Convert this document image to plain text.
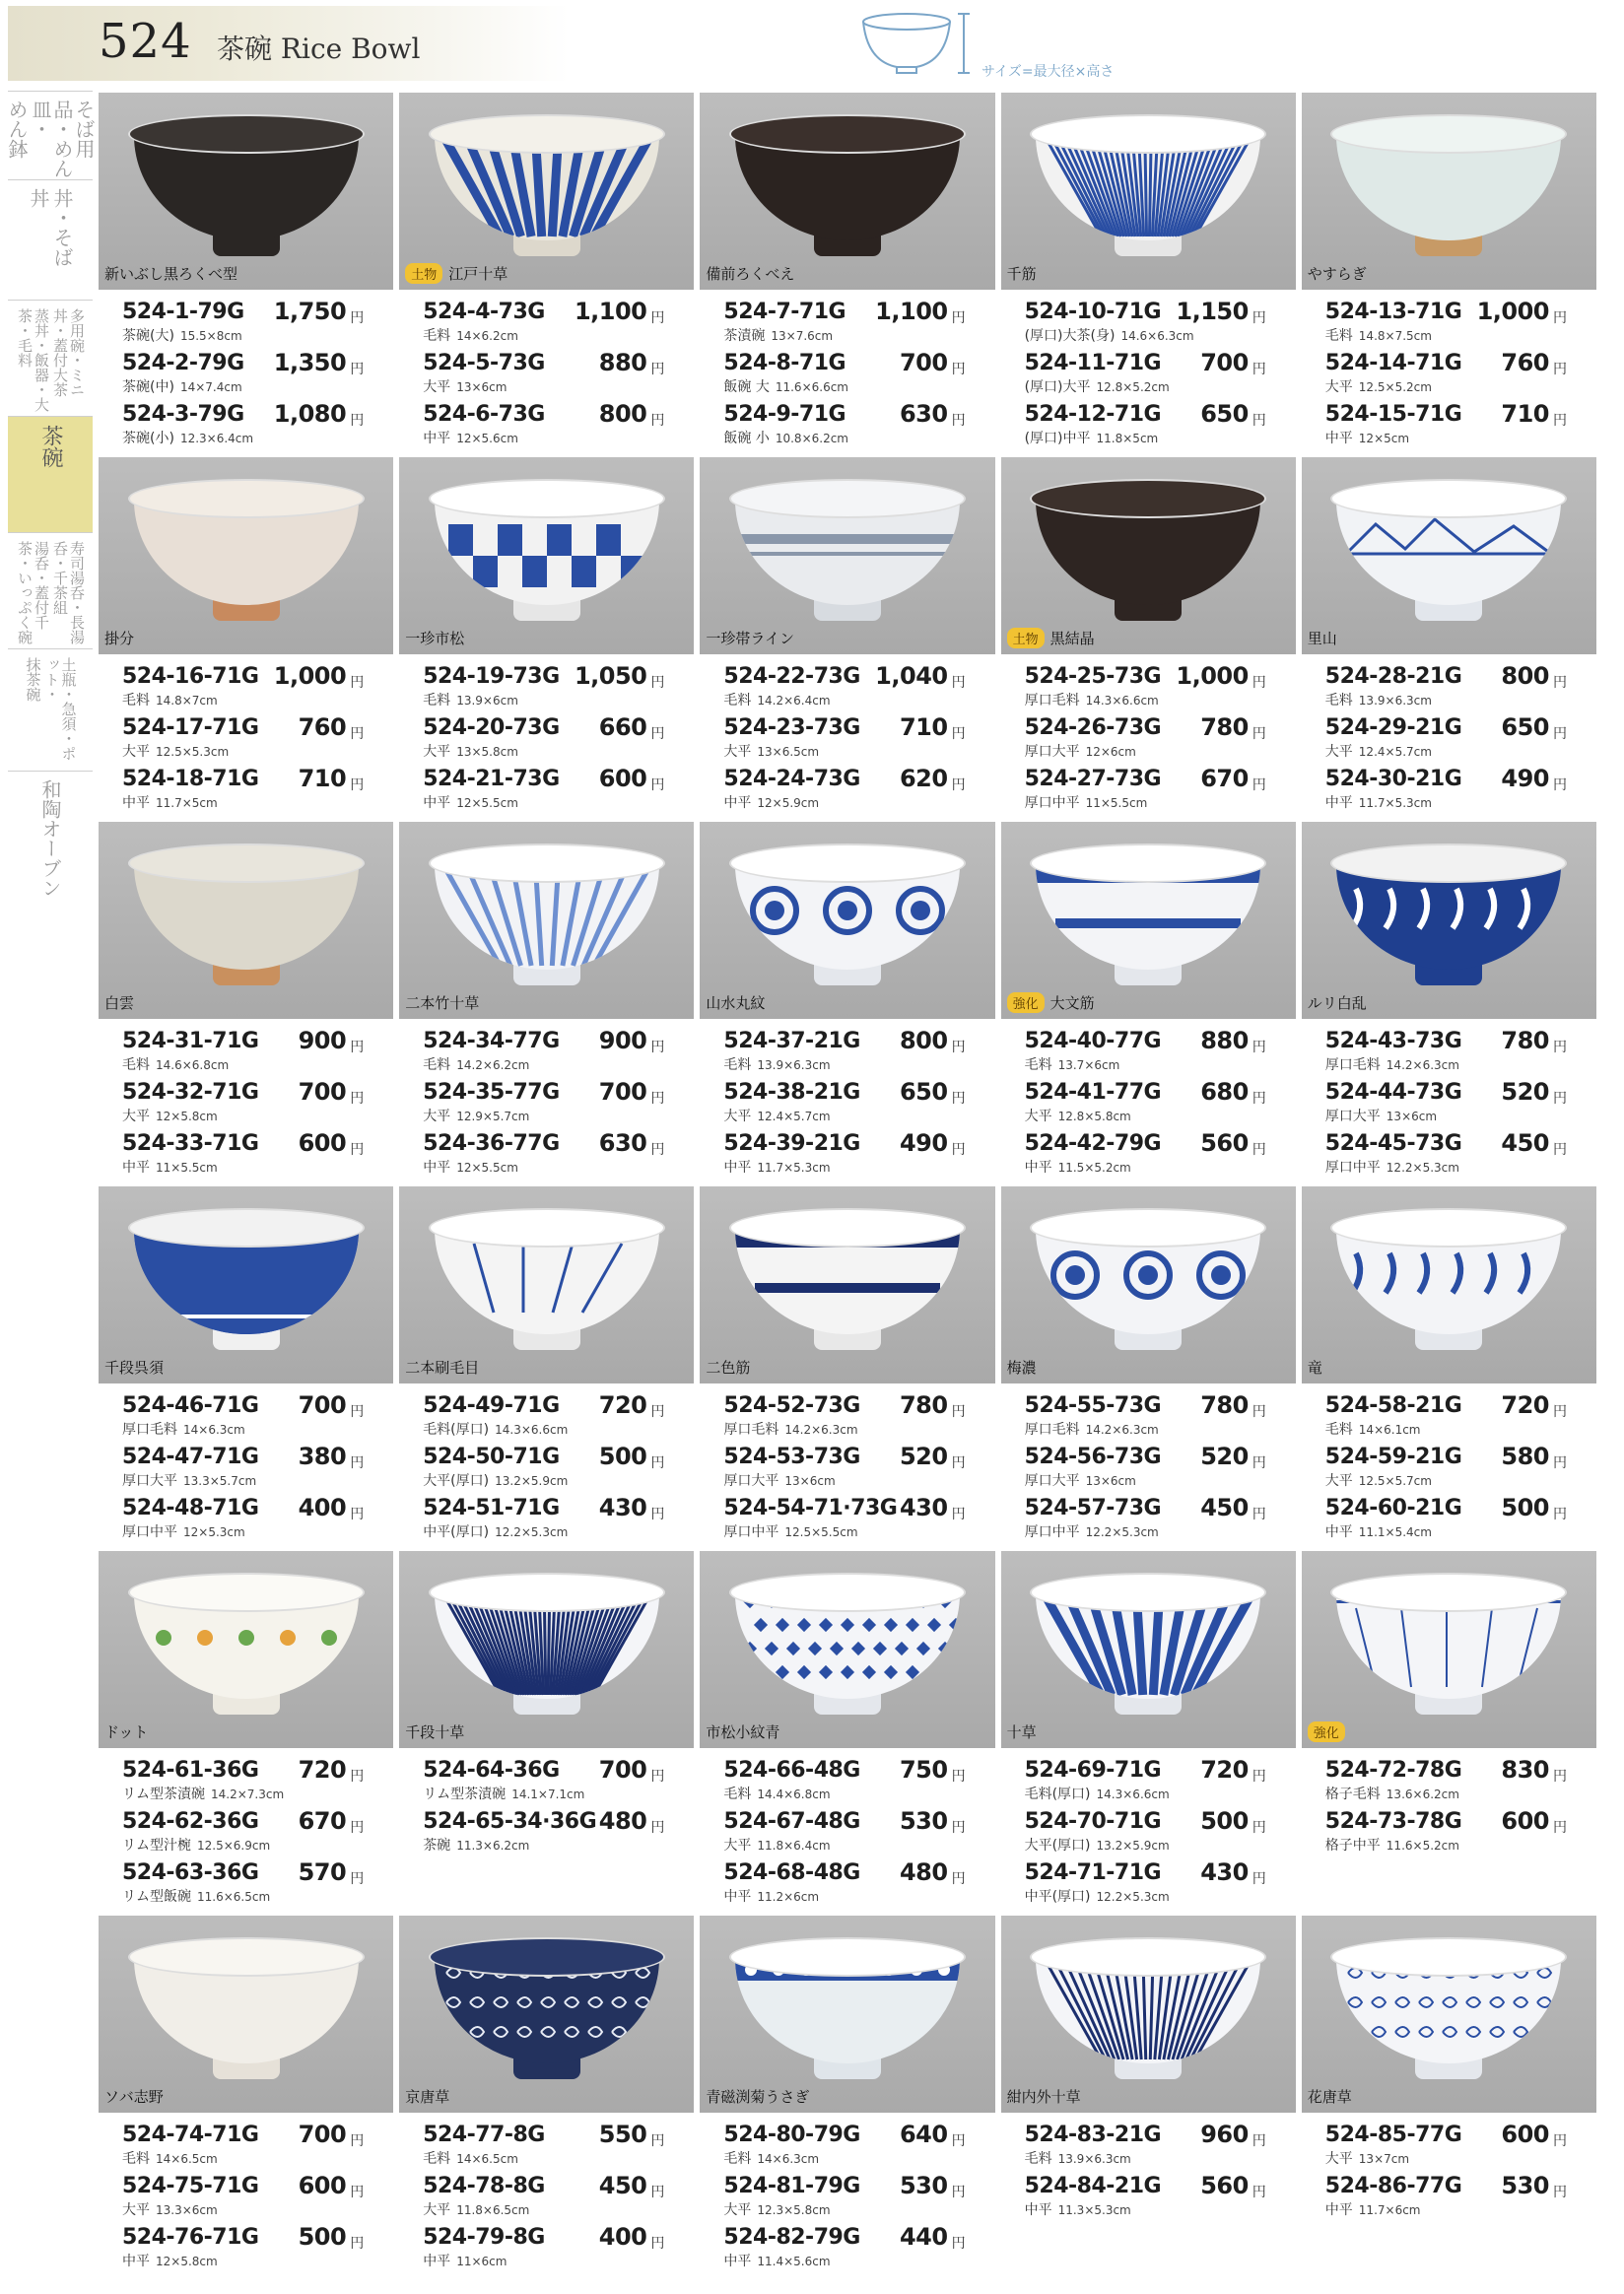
524 茶碗 Rice Bowl
サイズ=最大径×高さ
そば用品・めん皿・
めん鉢
丼・そば
丼
多用碗・ミニ丼・蓋付大茶
蒸丼・飯器・大茶・毛料
茶碗
寿司湯呑・長湯呑・千茶組
湯呑・蓋付千茶・いっぷく碗
土瓶・急須・ポット・
抹茶碗
和陶オーブン
新いぶし黒ろくべ型
524-1-79G 1,750 円
茶碗(大) 15.5×8cm
524-2-79G 1,350 円
茶碗(中) 14×7.4cm
524-3-79G 1,080 円
茶碗(小) 12.3×6.4cm
土物 江戸十草
524-4-73G 1,100 円
毛料 14×6.2cm
524-5-73G 880 円
大平 13×6cm
524-6-73G 800 円
中平 12×5.6cm
備前ろくべえ
524-7-71G 1,100 円
茶漬碗 13×7.6cm
524-8-71G 700 円
飯碗 大 11.6×6.6cm
524-9-71G 630 円
飯碗 小 10.8×6.2cm
千筋
524-10-71G 1,150 円
(厚口)大茶(身) 14.6×6.3cm
524-11-71G 700 円
(厚口)大平 12.8×5.2cm
524-12-71G 650 円
(厚口)中平 11.8×5cm
やすらぎ
524-13-71G 1,000 円
毛料 14.8×7.5cm
524-14-71G 760 円
大平 12.5×5.2cm
524-15-71G 710 円
中平 12×5cm
掛分
524-16-71G 1,000 円
毛料 14.8×7cm
524-17-71G 760 円
大平 12.5×5.3cm
524-18-71G 710 円
中平 11.7×5cm
一珍市松
524-19-73G 1,050 円
毛料 13.9×6cm
524-20-73G 660 円
大平 13×5.8cm
524-21-73G 600 円
中平 12×5.5cm
一珍帯ライン
524-22-73G 1,040 円
毛料 14.2×6.4cm
524-23-73G 710 円
大平 13×6.5cm
524-24-73G 620 円
中平 12×5.9cm
土物 黒結晶
524-25-73G 1,000 円
厚口毛料 14.3×6.6cm
524-26-73G 780 円
厚口大平 12×6cm
524-27-73G 670 円
厚口中平 11×5.5cm
里山
524-28-21G 800 円
毛料 13.9×6.3cm
524-29-21G 650 円
大平 12.4×5.7cm
524-30-21G 490 円
中平 11.7×5.3cm
白雲
524-31-71G 900 円
毛料 14.6×6.8cm
524-32-71G 700 円
大平 12×5.8cm
524-33-71G 600 円
中平 11×5.5cm
二本竹十草
524-34-77G 900 円
毛料 14.2×6.2cm
524-35-77G 700 円
大平 12.9×5.7cm
524-36-77G 630 円
中平 12×5.5cm
山水丸紋
524-37-21G 800 円
毛料 13.9×6.3cm
524-38-21G 650 円
大平 12.4×5.7cm
524-39-21G 490 円
中平 11.7×5.3cm
強化 大文筋
524-40-77G 880 円
毛料 13.7×6cm
524-41-77G 680 円
大平 12.8×5.8cm
524-42-79G 560 円
中平 11.5×5.2cm
ルリ白乱
524-43-73G 780 円
厚口毛料 14.2×6.3cm
524-44-73G 520 円
厚口大平 13×6cm
524-45-73G 450 円
厚口中平 12.2×5.3cm
千段呉須
524-46-71G 700 円
厚口毛料 14×6.3cm
524-47-71G 380 円
厚口大平 13.3×5.7cm
524-48-71G 400 円
厚口中平 12×5.3cm
二本刷毛目
524-49-71G 720 円
毛料(厚口) 14.3×6.6cm
524-50-71G 500 円
大平(厚口) 13.2×5.9cm
524-51-71G 430 円
中平(厚口) 12.2×5.3cm
二色筋
524-52-73G 780 円
厚口毛料 14.2×6.3cm
524-53-73G 520 円
厚口大平 13×6cm
524-54-71·73G 430 円
厚口中平 12.5×5.5cm
梅濃
524-55-73G 780 円
厚口毛料 14.2×6.3cm
524-56-73G 520 円
厚口大平 13×6cm
524-57-73G 450 円
厚口中平 12.2×5.3cm
竜
524-58-21G 720 円
毛料 14×6.1cm
524-59-21G 580 円
大平 12.5×5.7cm
524-60-21G 500 円
中平 11.1×5.4cm
ドット
524-61-36G 720 円
リム型茶漬碗 14.2×7.3cm
524-62-36G 670 円
リム型汁椀 12.5×6.9cm
524-63-36G 570 円
リム型飯碗 11.6×6.5cm
千段十草
524-64-36G 700 円
リム型茶漬碗 14.1×7.1cm
524-65-34·36G 480 円
茶碗 11.3×6.2cm
市松小紋青
524-66-48G 750 円
毛料 14.4×6.8cm
524-67-48G 530 円
大平 11.8×6.4cm
524-68-48G 480 円
中平 11.2×6cm
十草
524-69-71G 720 円
毛料(厚口) 14.3×6.6cm
524-70-71G 500 円
大平(厚口) 13.2×5.9cm
524-71-71G 430 円
中平(厚口) 12.2×5.3cm
強化
524-72-78G 830 円
格子毛料 13.6×6.2cm
524-73-78G 600 円
格子中平 11.6×5.2cm
ソバ志野
524-74-71G 700 円
毛料 14×6.5cm
524-75-71G 600 円
大平 13.3×6cm
524-76-71G 500 円
中平 12×5.8cm
京唐草
524-77-8G 550 円
毛料 14×6.5cm
524-78-8G 450 円
大平 11.8×6.5cm
524-79-8G 400 円
中平 11×6cm
青磁渕菊うさぎ
524-80-79G 640 円
毛料 14×6.3cm
524-81-79G 530 円
大平 12.3×5.8cm
524-82-79G 440 円
中平 11.4×5.6cm
紺内外十草
524-83-21G 960 円
毛料 13.9×6.3cm
524-84-21G 560 円
中平 11.3×5.3cm
花唐草
524-85-77G 600 円
大平 13×7cm
524-86-77G 530 円
中平 11.7×6cm
